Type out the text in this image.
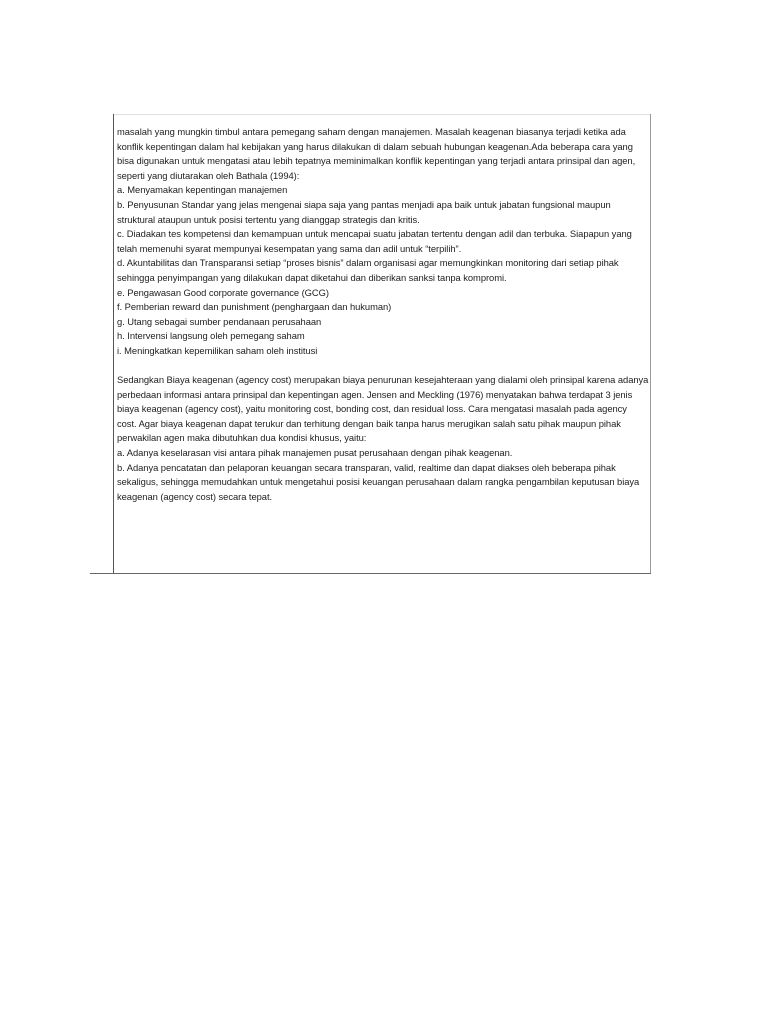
masalah yang mungkin timbul antara pemegang saham dengan manajemen. Masalah keagenan biasanya terjadi ketika ada konflik kepentingan dalam hal kebijakan yang harus dilakukan di dalam sebuah hubungan keagenan.Ada beberapa cara yang bisa digunakan untuk mengatasi atau lebih tepatnya meminimalkan konflik kepentingan yang terjadi antara prinsipal dan agen, seperti yang diutarakan oleh Bathala (1994):

a. Menyamakan kepentingan manajemen

b. Penyusunan Standar yang jelas mengenai siapa saja yang pantas menjadi apa baik untuk jabatan fungsional maupun struktural ataupun untuk posisi tertentu yang dianggap strategis dan kritis.

c. Diadakan tes kompetensi dan kemampuan untuk mencapai suatu jabatan tertentu dengan adil dan terbuka. Siapapun yang telah memenuhi syarat mempunyai kesempatan yang sama dan adil untuk “terpilih”.

d. Akuntabilitas dan Transparansi setiap “proses bisnis” dalam organisasi agar memungkinkan monitoring dari setiap pihak sehingga penyimpangan yang dilakukan dapat diketahui dan diberikan sanksi tanpa kompromi.

e. Pengawasan Good corporate governance (GCG)

f. Pemberian reward dan punishment (penghargaan dan hukuman)

g. Utang sebagai sumber pendanaan perusahaan

h. Intervensi langsung oleh pemegang saham

i. Meningkatkan kepemilikan saham oleh institusi

Sedangkan Biaya keagenan (agency cost) merupakan biaya penurunan kesejahteraan yang dialami oleh prinsipal karena adanya perbedaan informasi antara prinsipal dan kepentingan agen. Jensen and Meckling (1976) menyatakan bahwa terdapat 3 jenis biaya keagenan (agency cost), yaitu monitoring cost, bonding cost, dan residual loss. Cara mengatasi masalah pada agency cost. Agar biaya keagenan dapat terukur dan terhitung dengan baik tanpa harus merugikan salah satu pihak maupun pihak perwakilan agen maka dibutuhkan dua kondisi khusus, yaitu:

a. Adanya keselarasan visi antara pihak manajemen pusat perusahaan dengan pihak keagenan.

b. Adanya pencatatan dan pelaporan keuangan secara transparan, valid, realtime dan dapat diakses oleh beberapa pihak sekaligus, sehingga memudahkan untuk mengetahui posisi keuangan perusahaan dalam rangka pengambilan keputusan biaya keagenan (agency cost) secara tepat.
